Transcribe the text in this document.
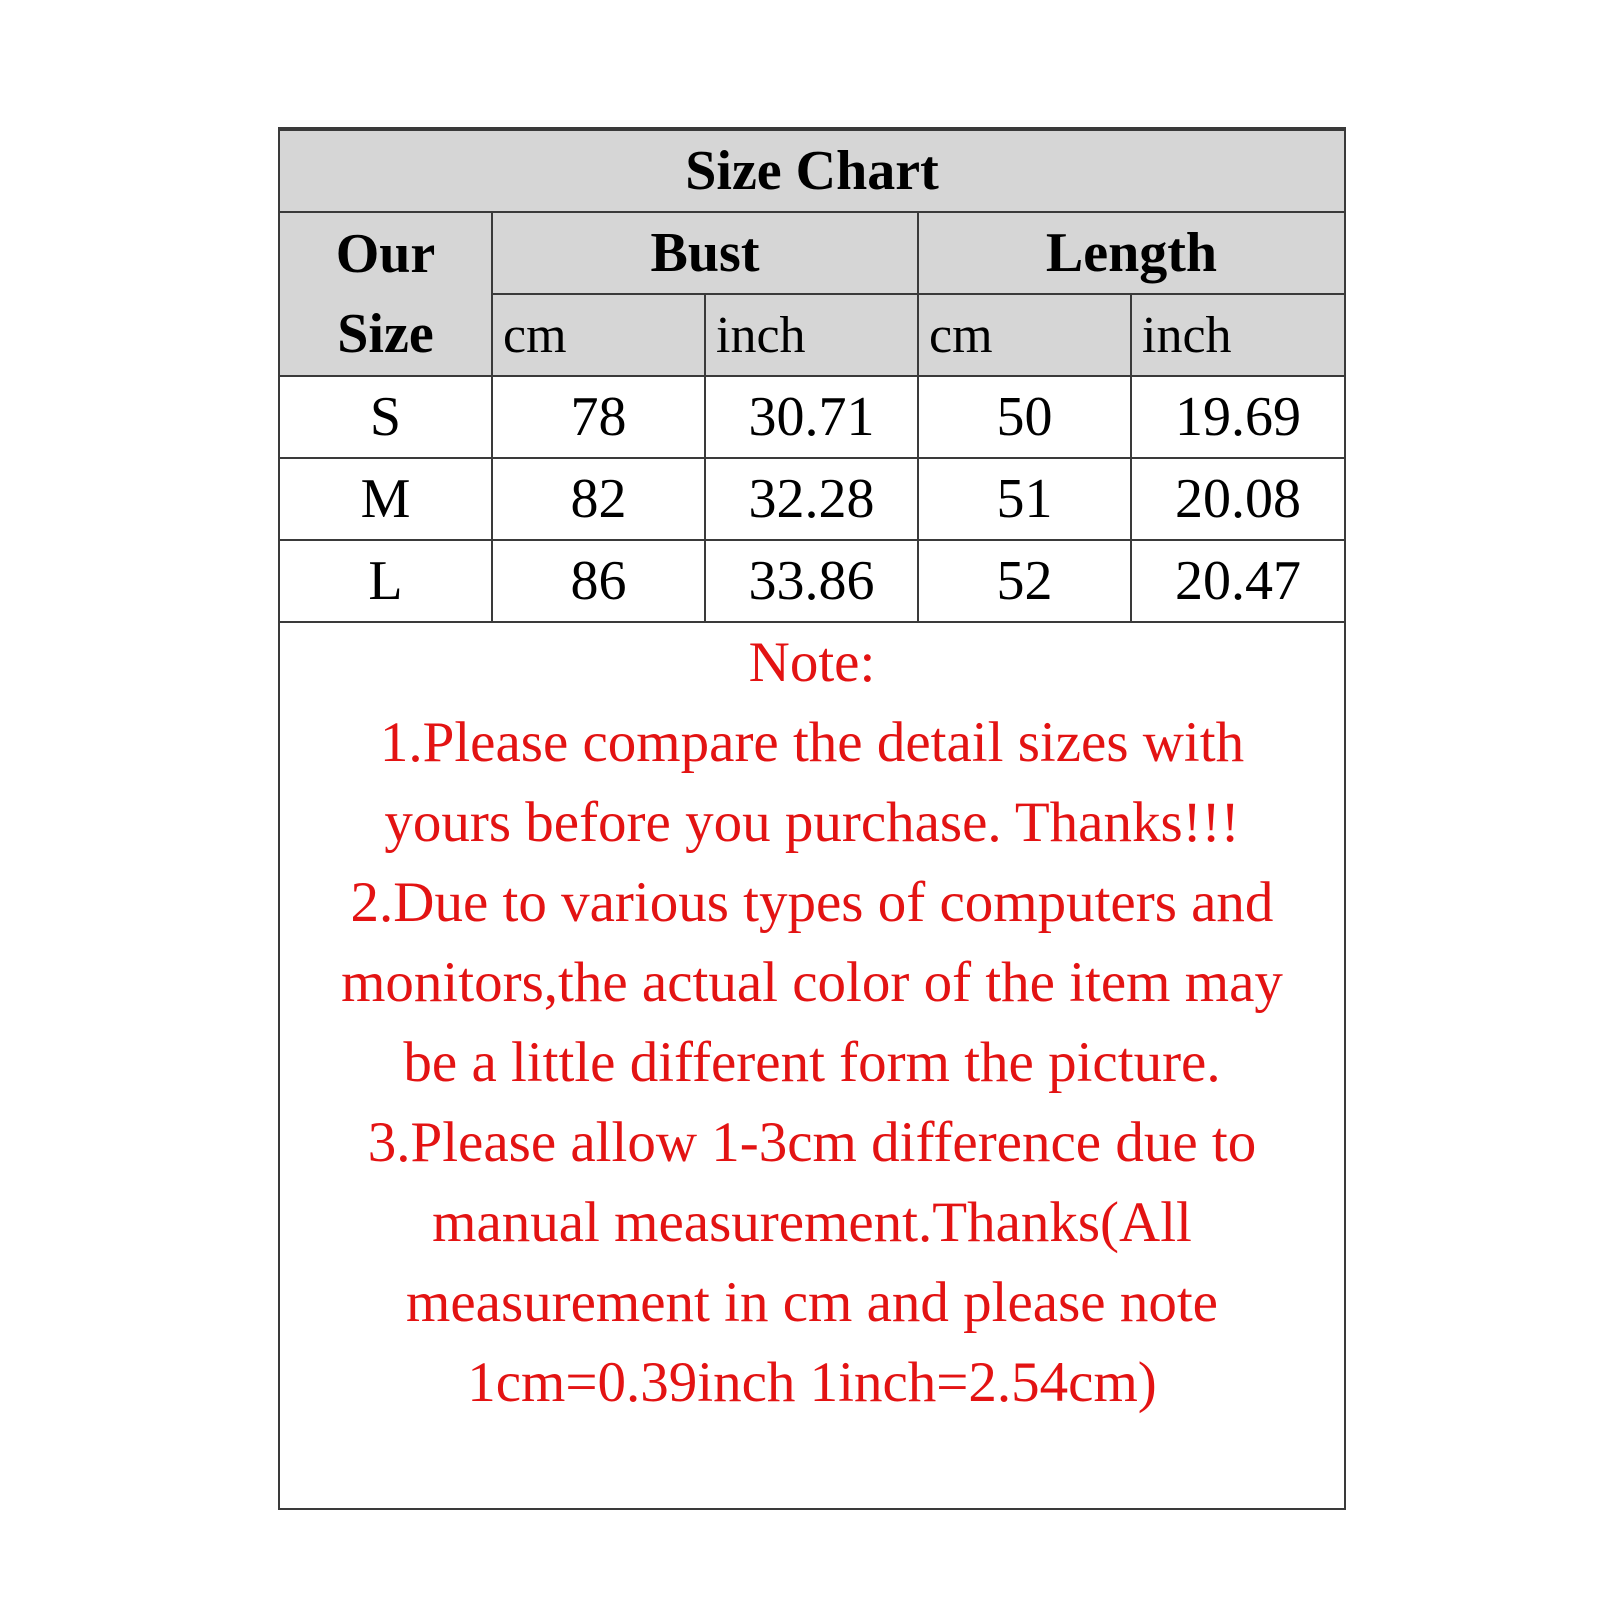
Size Chart				
Our
Size	Bust		Length	
	cm	inch	cm	inch
S	78	30.71	50	19.69
M	82	32.28	51	20.08
L	86	33.86	52	20.47
Note:
1.Please compare the detail sizes with
yours before you purchase. Thanks!!!
2.Due to various types of computers and
monitors,the actual color of the item may
be a little different form the picture.
3.Please allow 1-3cm difference due to
manual measurement.Thanks(All
measurement in cm and please note
1cm=0.39inch 1inch=2.54cm)
